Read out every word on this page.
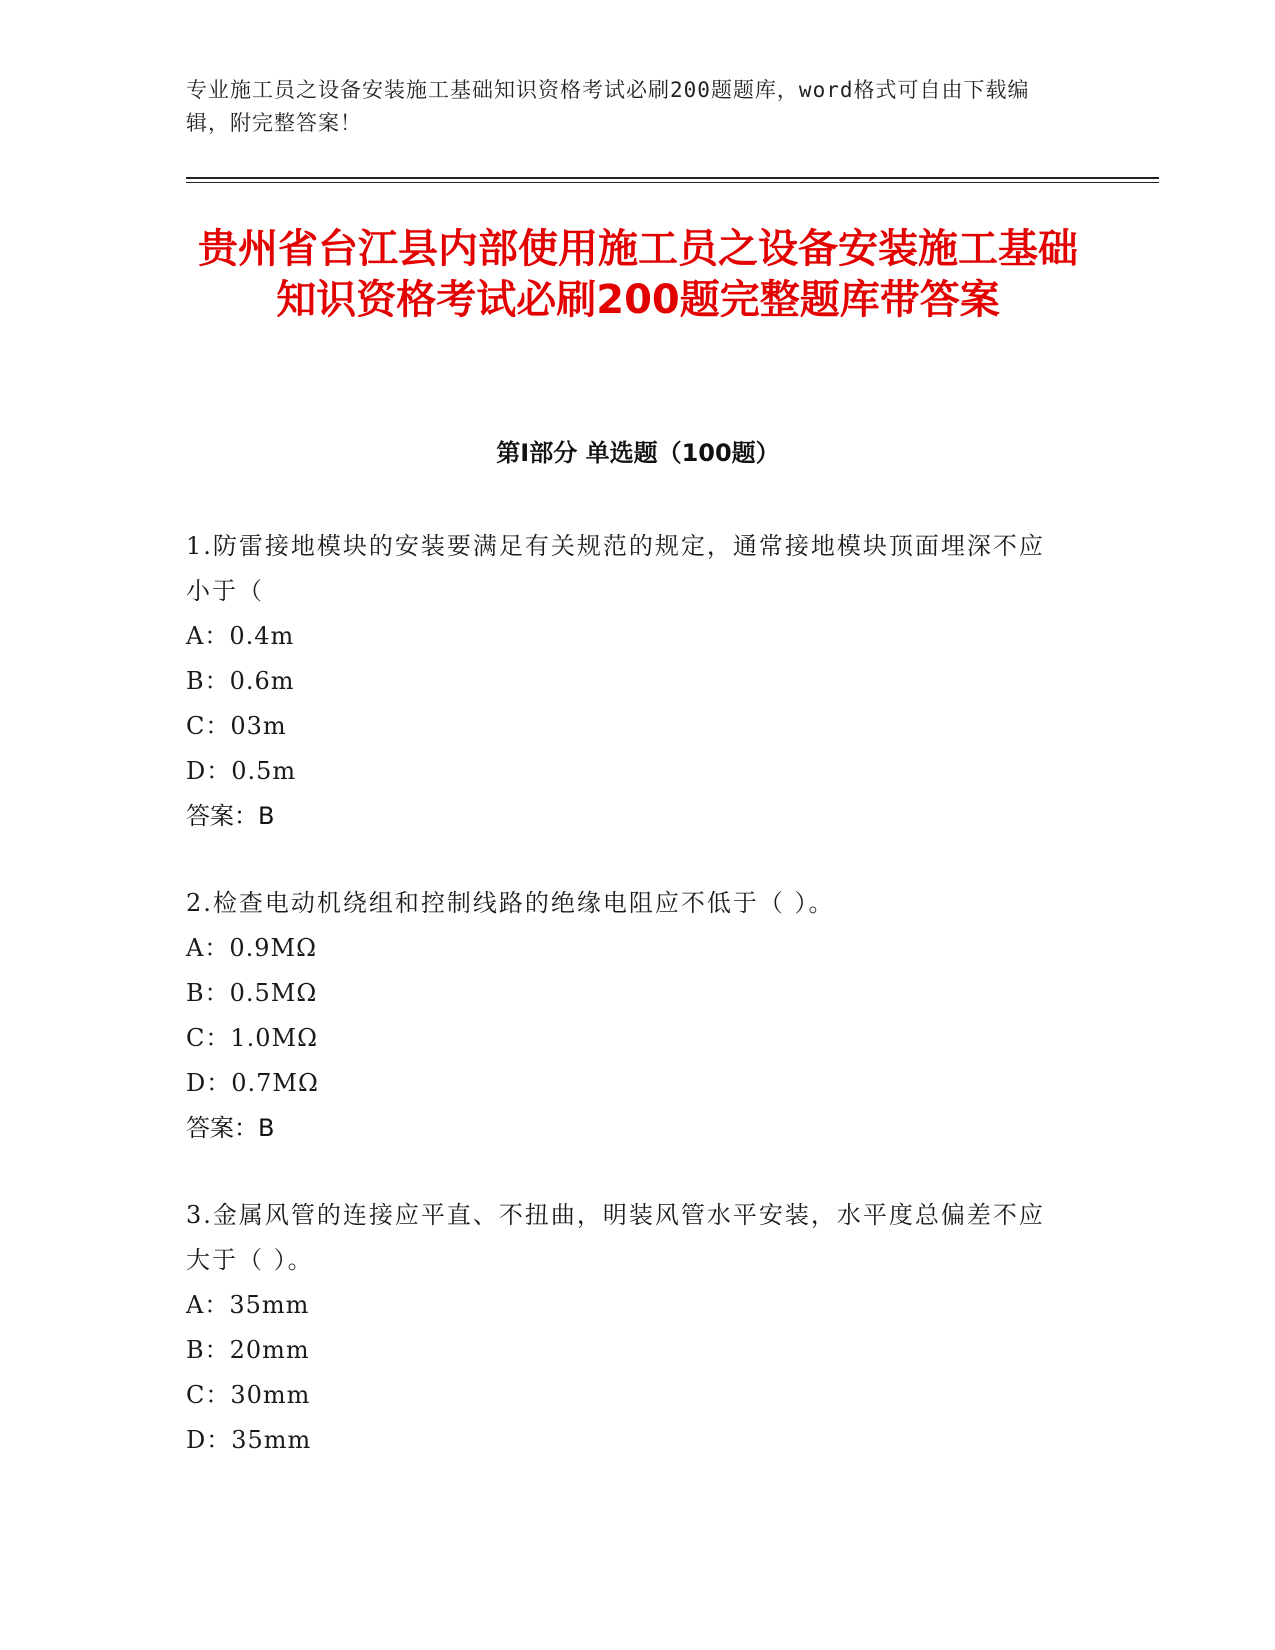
专业施工员之设备安装施工基础知识资格考试必刷200题题库，word格式可自由下载编辑，附完整答案！
贵州省台江县内部使用施工员之设备安装施工基础知识资格考试必刷200题完整题库带答案
第I部分 单选题（100题）
1.防雷接地模块的安装要满足有关规范的规定，通常接地模块顶面埋深不应小于（
A：0.4m
B：0.6m
C：03m
D：0.5m
答案：B
2.检查电动机绕组和控制线路的绝缘电阻应不低于（ ）。
A：0.9MΩ
B：0.5MΩ
C：1.0MΩ
D：0.7MΩ
答案：B
3.金属风管的连接应平直、不扭曲，明装风管水平安装，水平度总偏差不应大于（ ）。
A：35mm
B：20mm
C：30mm
D：35mm
